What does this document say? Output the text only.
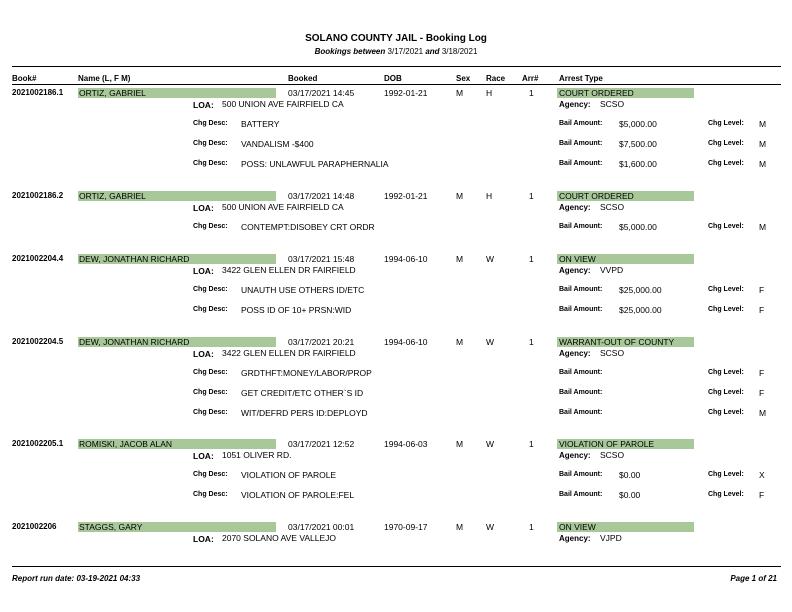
SOLANO COUNTY JAIL - Booking Log
Bookings between 3/17/2021 and 3/18/2021
Book#	Name (L, F M)	Booked	DOB	Sex Race Arr#	Arrest Type
2021002186.1 ORTIZ, GABRIEL	03/17/2021 14:45	1992-01-21	M	H	1	COURT ORDERED
LOA: 500 UNION AVE FAIRFIELD CA	Agency: SCSO
Chg Desc: BATTERY	Bail Amount: $5,000.00	Chg Level: M
Chg Desc: VANDALISM -$400	Bail Amount: $7,500.00	Chg Level: M
Chg Desc: POSS: UNLAWFUL PARAPHERNALIA	Bail Amount: $1,600.00	Chg Level: M
2021002186.2 ORTIZ, GABRIEL	03/17/2021 14:48	1992-01-21	M	H	1	COURT ORDERED
LOA: 500 UNION AVE FAIRFIELD CA	Agency: SCSO
Chg Desc: CONTEMPT:DISOBEY CRT ORDR	Bail Amount: $5,000.00	Chg Level: M
2021002204.4 DEW, JONATHAN RICHARD	03/17/2021 15:48	1994-06-10	M	W	1	ON VIEW
LOA: 3422 GLEN ELLEN DR FAIRFIELD	Agency: VVPD
Chg Desc: UNAUTH USE OTHERS ID/ETC	Bail Amount: $25,000.00	Chg Level: F
Chg Desc: POSS ID OF 10+ PRSN:WID	Bail Amount: $25,000.00	Chg Level: F
2021002204.5 DEW, JONATHAN RICHARD	03/17/2021 20:21	1994-06-10	M	W	1	WARRANT-OUT OF COUNTY
LOA: 3422 GLEN ELLEN DR FAIRFIELD	Agency: SCSO
Chg Desc: GRDTHFT:MONEY/LABOR/PROP	Bail Amount:	Chg Level: F
Chg Desc: GET CREDIT/ETC OTHER`S ID	Bail Amount:	Chg Level: F
Chg Desc: WIT/DEFRD PERS ID:DEPLOYD	Bail Amount:	Chg Level: M
2021002205.1 ROMISKI, JACOB ALAN	03/17/2021 12:52	1994-06-03	M	W	1	VIOLATION OF PAROLE
LOA: 1051 OLIVER RD.	Agency: SCSO
Chg Desc: VIOLATION OF PAROLE	Bail Amount: $0.00	Chg Level: X
Chg Desc: VIOLATION OF PAROLE:FEL	Bail Amount: $0.00	Chg Level: F
2021002206	STAGGS, GARY	03/17/2021 00:01	1970-09-17	M	W	1	ON VIEW
LOA: 2070 SOLANO AVE VALLEJO	Agency: VJPD
Report run date: 03-19-2021 04:33	Page 1 of 21
